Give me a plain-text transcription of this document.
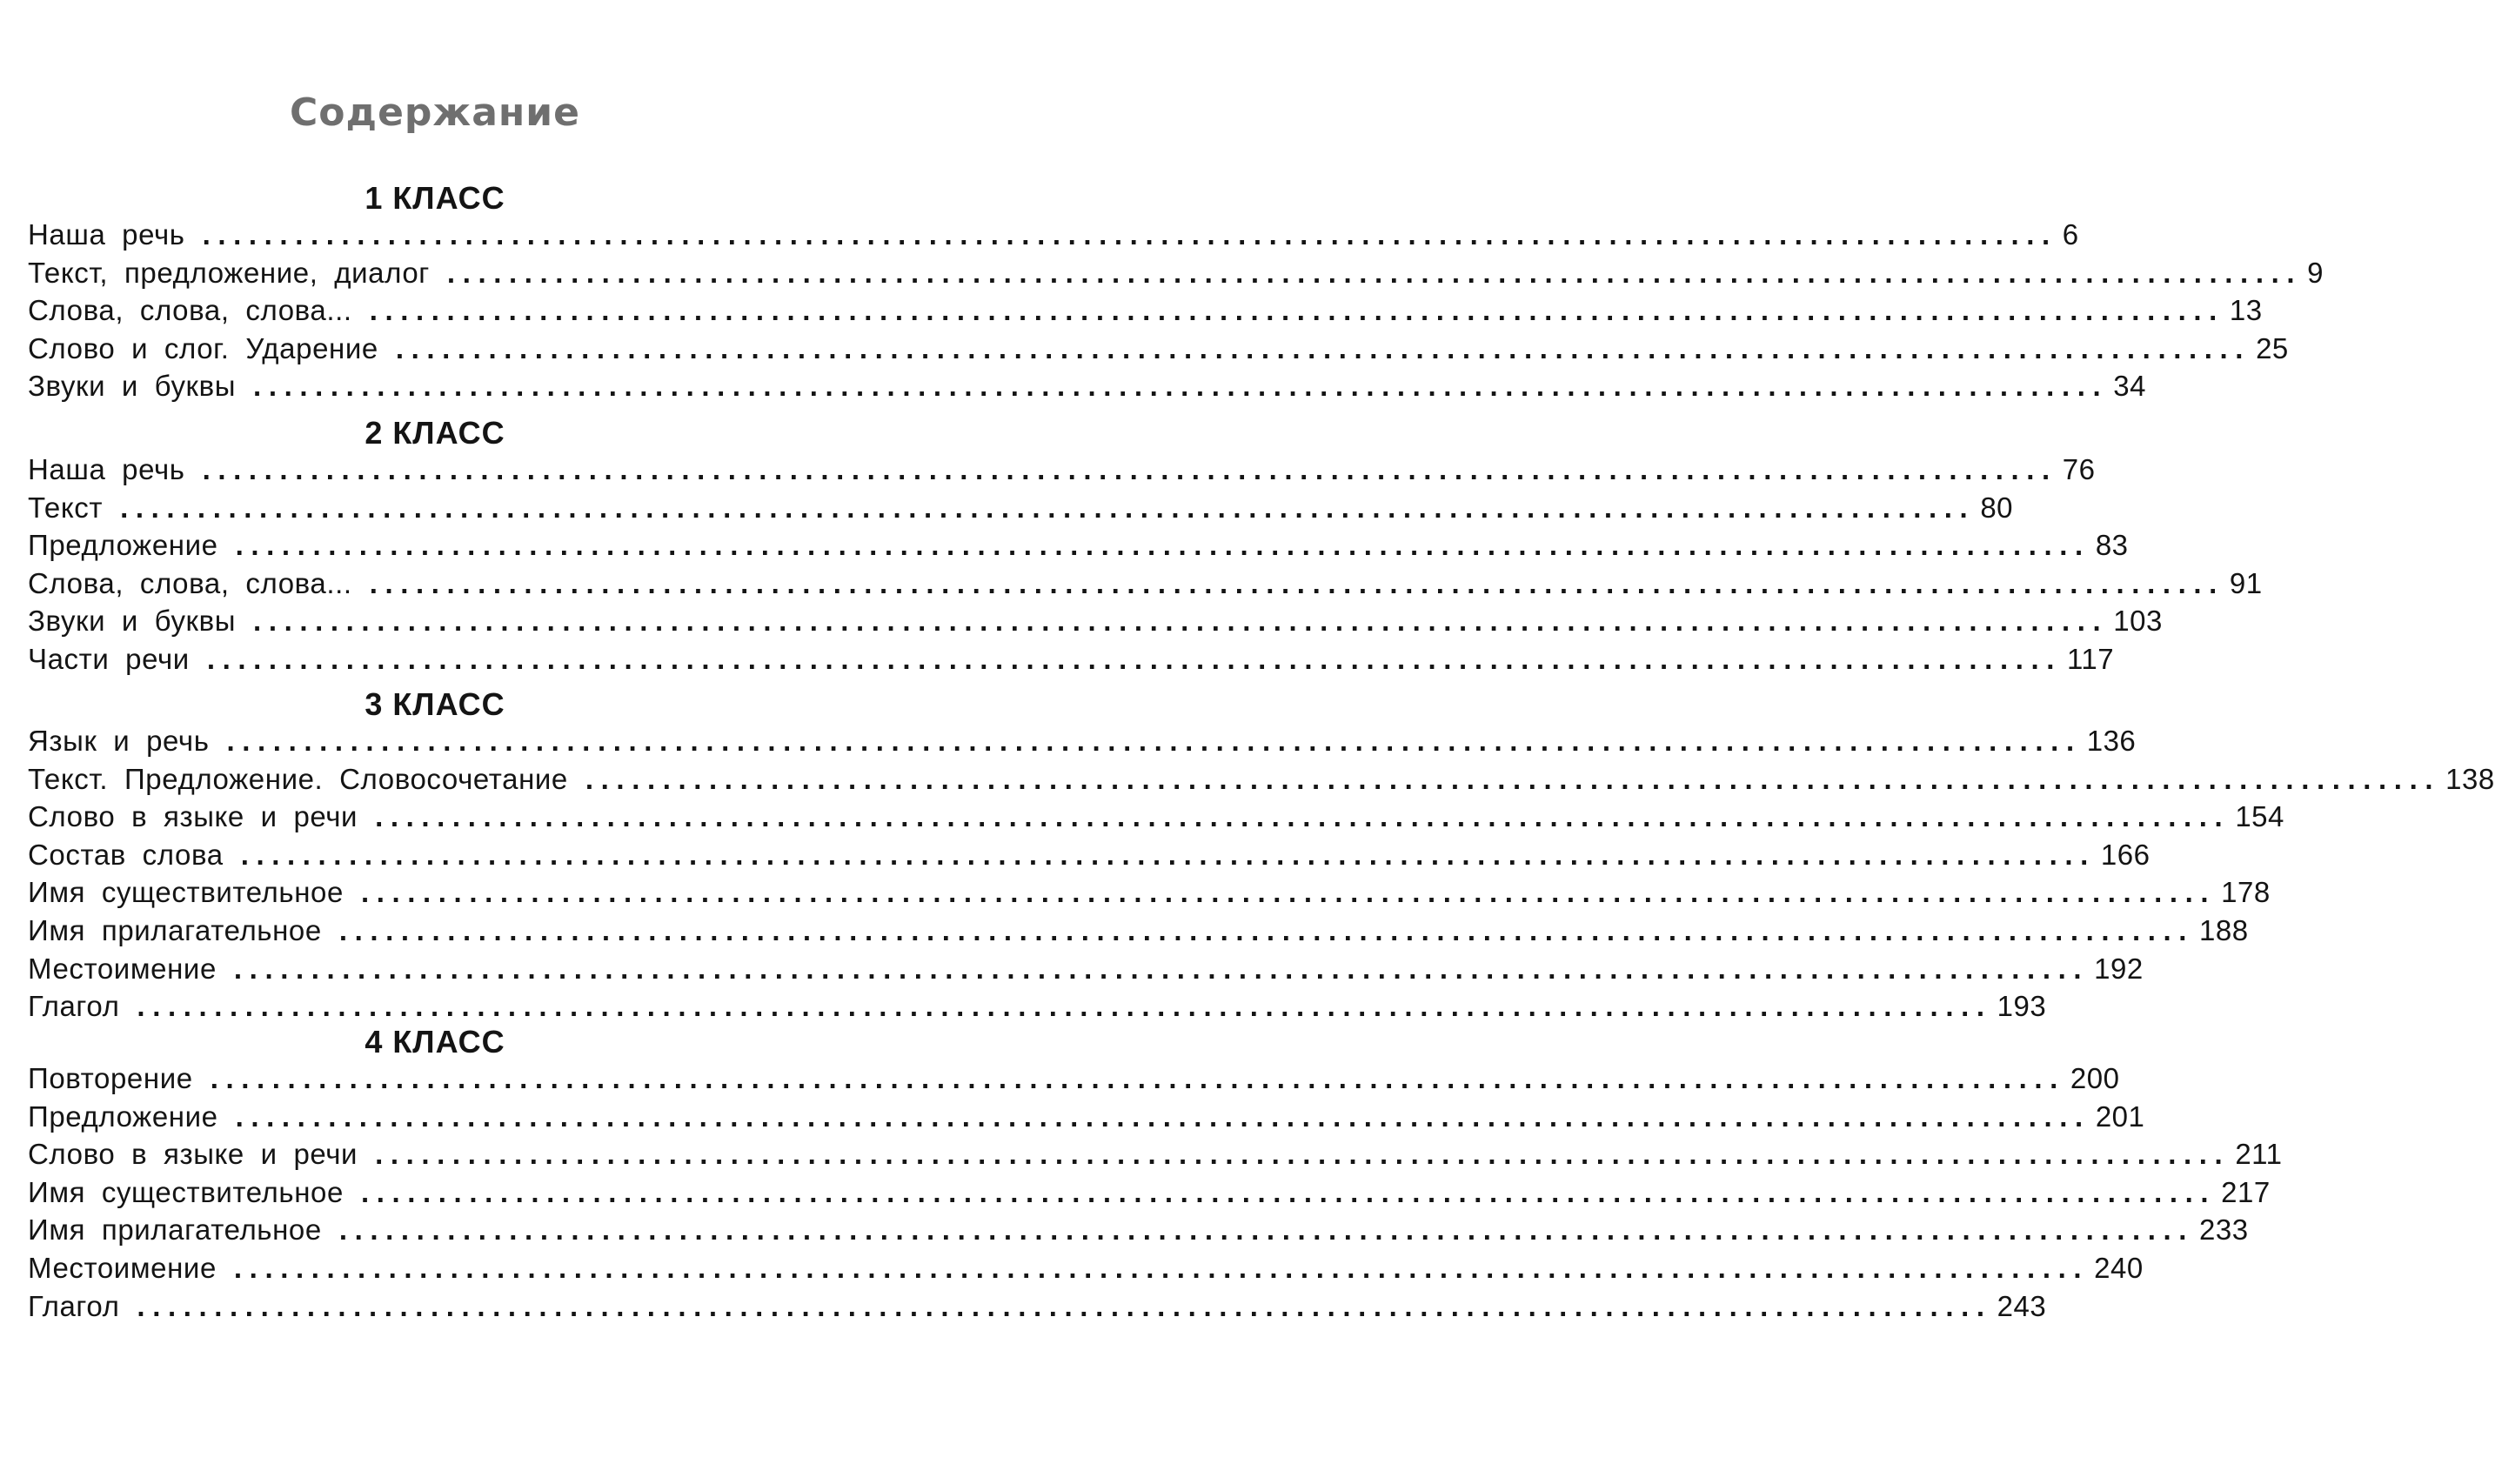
Содержание
1 КЛАСС
Наша речь ........................................................................................................................ 6
Текст, предложение, диалог ........................................................................................................................ 9
Слова, слова, слова... ........................................................................................................................ 13
Слово и слог. Ударение ........................................................................................................................ 25
Звуки и буквы ........................................................................................................................ 34
2 КЛАСС
Наша речь ........................................................................................................................ 76
Текст ........................................................................................................................ 80
Предложение ........................................................................................................................ 83
Слова, слова, слова... ........................................................................................................................ 91
Звуки и буквы ........................................................................................................................ 103
Части речи ........................................................................................................................ 117
3 КЛАСС
Язык и речь ........................................................................................................................ 136
Текст. Предложение. Словосочетание ........................................................................................................................ 138
Слово в языке и речи ........................................................................................................................ 154
Состав слова ........................................................................................................................ 166
Имя существительное ........................................................................................................................ 178
Имя прилагательное ........................................................................................................................ 188
Местоимение ........................................................................................................................ 192
Глагол ........................................................................................................................ 193
4 КЛАСС
Повторение ........................................................................................................................ 200
Предложение ........................................................................................................................ 201
Слово в языке и речи ........................................................................................................................ 211
Имя существительное ........................................................................................................................ 217
Имя прилагательное ........................................................................................................................ 233
Местоимение ........................................................................................................................ 240
Глагол ........................................................................................................................ 243
